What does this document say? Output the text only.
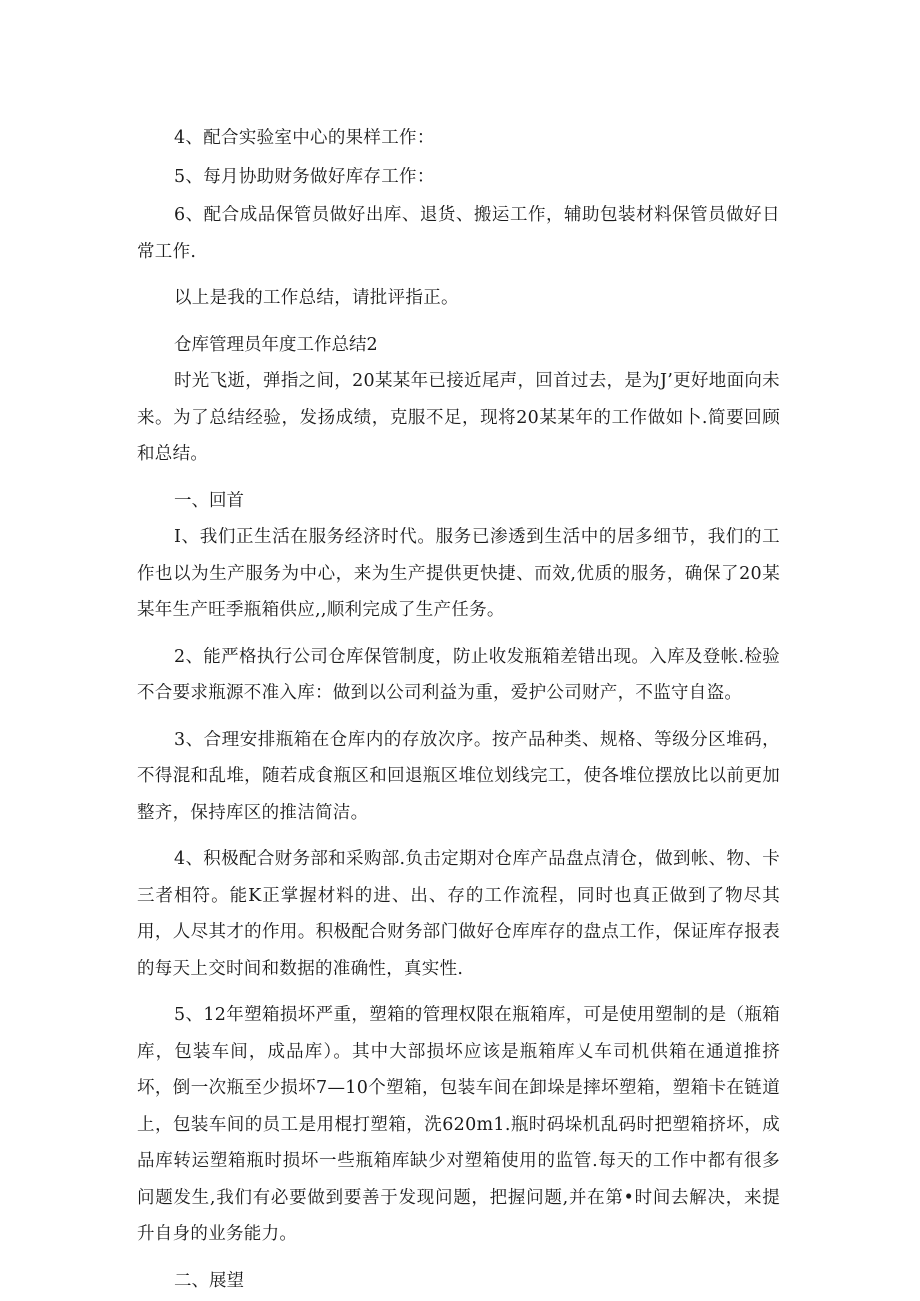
4、配合实验室中心的果样工作：

5、每月协助财务做好库存工作：

6、配合成品保管员做好出库、退货、搬运工作，辅助包装材料保管员做好日常工作.

以上是我的工作总结，请批评指正。

仓库管理员年度工作总结2

时光飞逝，弹指之间，20某某年已接近尾声，回首过去，是为J’更好地面向未来。为了总结经验，发扬成绩，克服不足，现将20某某年的工作做如卜.简要回顾和总结。

一、回首

I、我们正生活在服务经济时代。服务已渗透到生活中的居多细节，我们的工作也以为生产服务为中心，来为生产提供更快捷、而效,优质的服务，确保了20某某年生产旺季瓶箱供应,,顺利完成了生产任务。

2、能严格执行公司仓库保管制度，防止收发瓶箱差错出现。入库及登帐.检验不合要求瓶源不准入库：做到以公司利益为重，爱护公司财产，不监守自盗。

3、合理安排瓶箱在仓库内的存放次序。按产品种类、规格、等级分区堆码，不得混和乱堆，随若成食瓶区和回退瓶区堆位划线完工，使各堆位摆放比以前更加整齐，保持库区的推洁简洁。

4、积极配合财务部和采购部.负击定期对仓库产品盘点清仓，做到帐、物、卡三者相符。能K正掌握材料的进、出、存的工作流程，同时也真正做到了物尽其用，人尽其才的作用。积极配合财务部门做好仓库库存的盘点工作，保证库存报表的每天上交时间和数据的准确性，真实性.

5、12年塑箱损坏严重，塑箱的管理权限在瓶箱库，可是使用塑制的是（瓶箱库，包装车间，成品库）。其中大部损坏应该是瓶箱库乂车司机供箱在通道推挤坏，倒一次瓶至少损坏7—10个塑箱，包装车间在卸垛是摔坏塑箱，塑箱卡在链道上，包装车间的员工是用棍打塑箱，洗620m1.瓶时码垛机乱码时把塑箱挤坏，成品库转运塑箱瓶时损坏一些瓶箱库缺少对塑箱使用的监管.每天的工作中都有很多问题发生,我们有必要做到要善于发现问题，把握问题,并在第•时间去解决，来提升自身的业务能力。

二、展望
